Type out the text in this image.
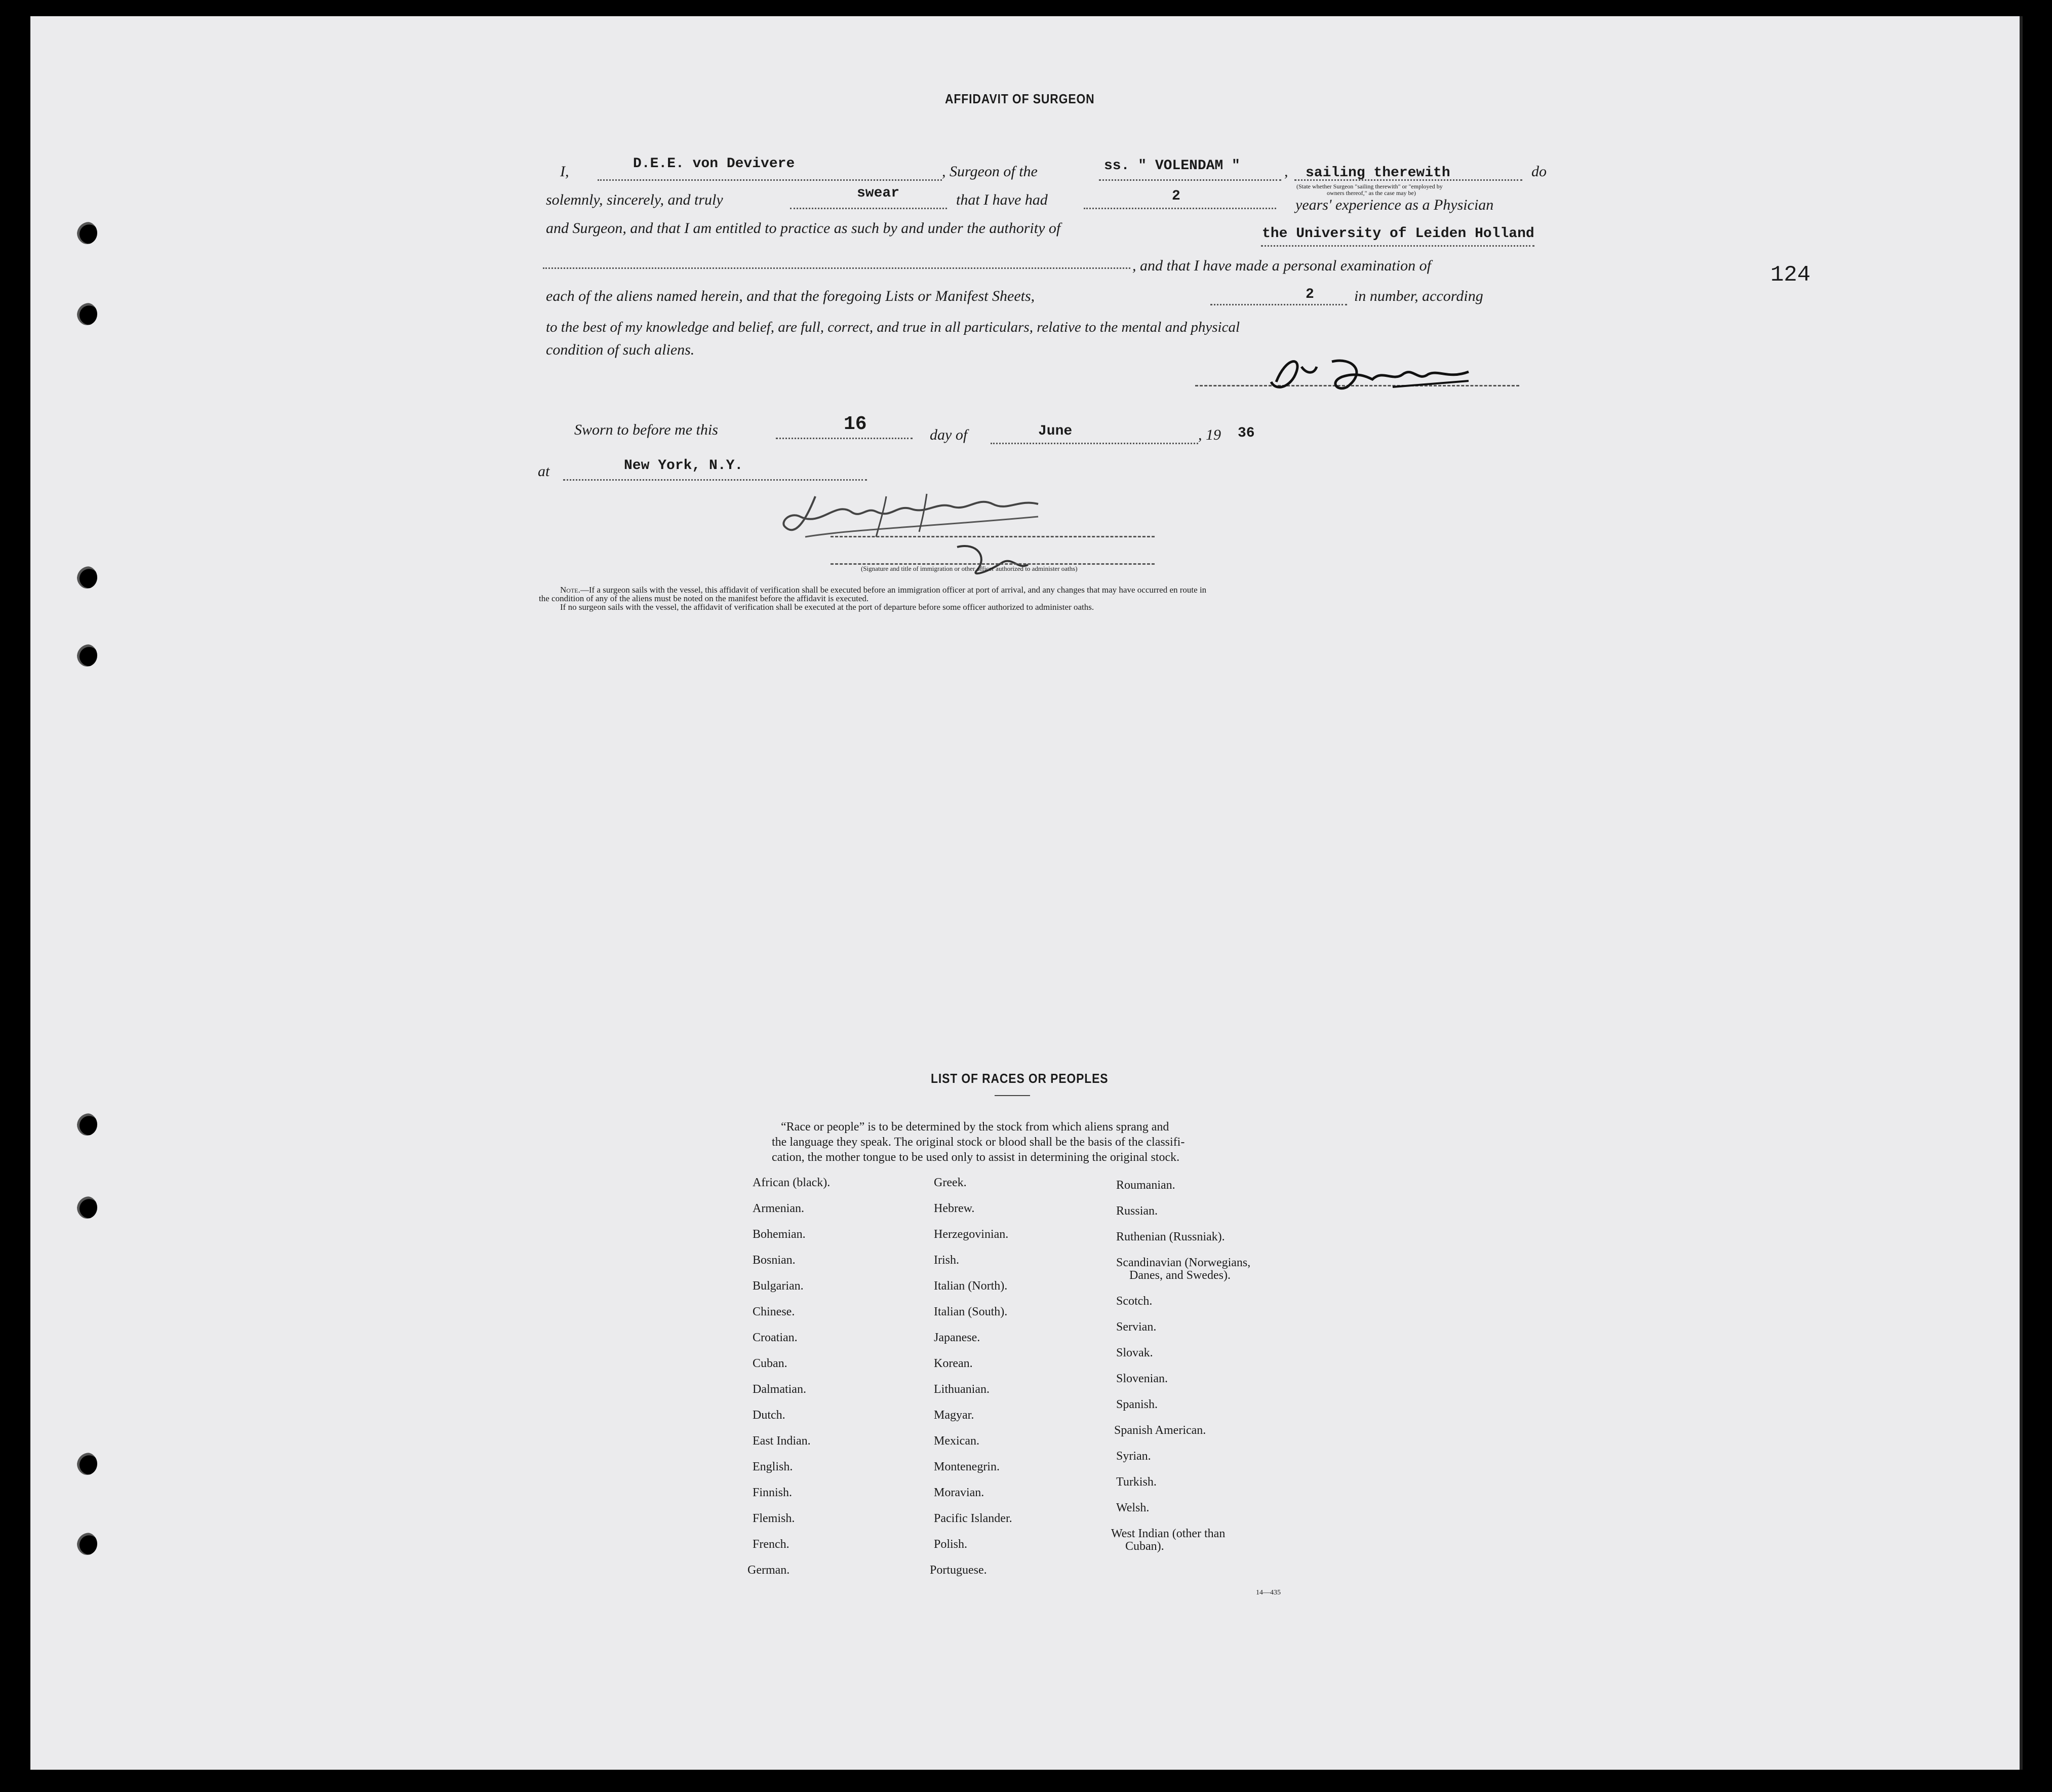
AFFIDAVIT OF SURGEON
124
I,	D.E.E. von Devivere	, Surgeon of the	ss. " VOLENDAM "	, sailing therewith
(State whether Surgeon "sailing therewith" or "employed by
owners thereof," as the case may be)
do
solemnly, sincerely, and truly	swear	that I have had	2
years' experience as a Physician
and Surgeon, and that I am entitled to practice as such by and under the authority of	the University of Leiden Holland
, and that I have made a personal examination of
each of the aliens named herein, and that the foregoing Lists or Manifest Sheets,	2	in number, according
to the best of my knowledge and belief, are full, correct, and true in all particulars, relative to the mental and physical
condition of such aliens.
Sworn to before me this	16	day of	June	, 19 36
at	New York, N.Y.
(Signature and title of immigration or other officer authorized to administer oaths)
Note.—If a surgeon sails with the vessel, this affidavit of verification shall be executed before an immigration officer at port of arrival, and any changes that may have occurred en route in
the condition of any of the aliens must be noted on the manifest before the affidavit is executed.
If no surgeon sails with the vessel, the affidavit of verification shall be executed at the port of departure before some officer authorized to administer oaths.
LIST OF RACES OR PEOPLES
“Race or people” is to be determined by the stock from which aliens sprang and
the language they speak. The original stock or blood shall be the basis of the classifi-
cation, the mother tongue to be used only to assist in determining the original stock.
African (black).
Armenian.
Bohemian.
Bosnian.
Bulgarian.
Chinese.
Croatian.
Cuban.
Dalmatian.
Dutch.
East Indian.
English.
Finnish.
Flemish.
French.
German.
Greek.
Hebrew.
Herzegovinian.
Irish.
Italian (North).
Italian (South).
Japanese.
Korean.
Lithuanian.
Magyar.
Mexican.
Montenegrin.
Moravian.
Pacific Islander.
Polish.
Portuguese.
Roumanian.
Russian.
Ruthenian (Russniak).
Scandinavian (Norwegians,
Danes, and Swedes).
Scotch.
Servian.
Slovak.
Slovenian.
Spanish.
Spanish American.
Syrian.
Turkish.
Welsh.
West Indian (other than
Cuban).
14—435
